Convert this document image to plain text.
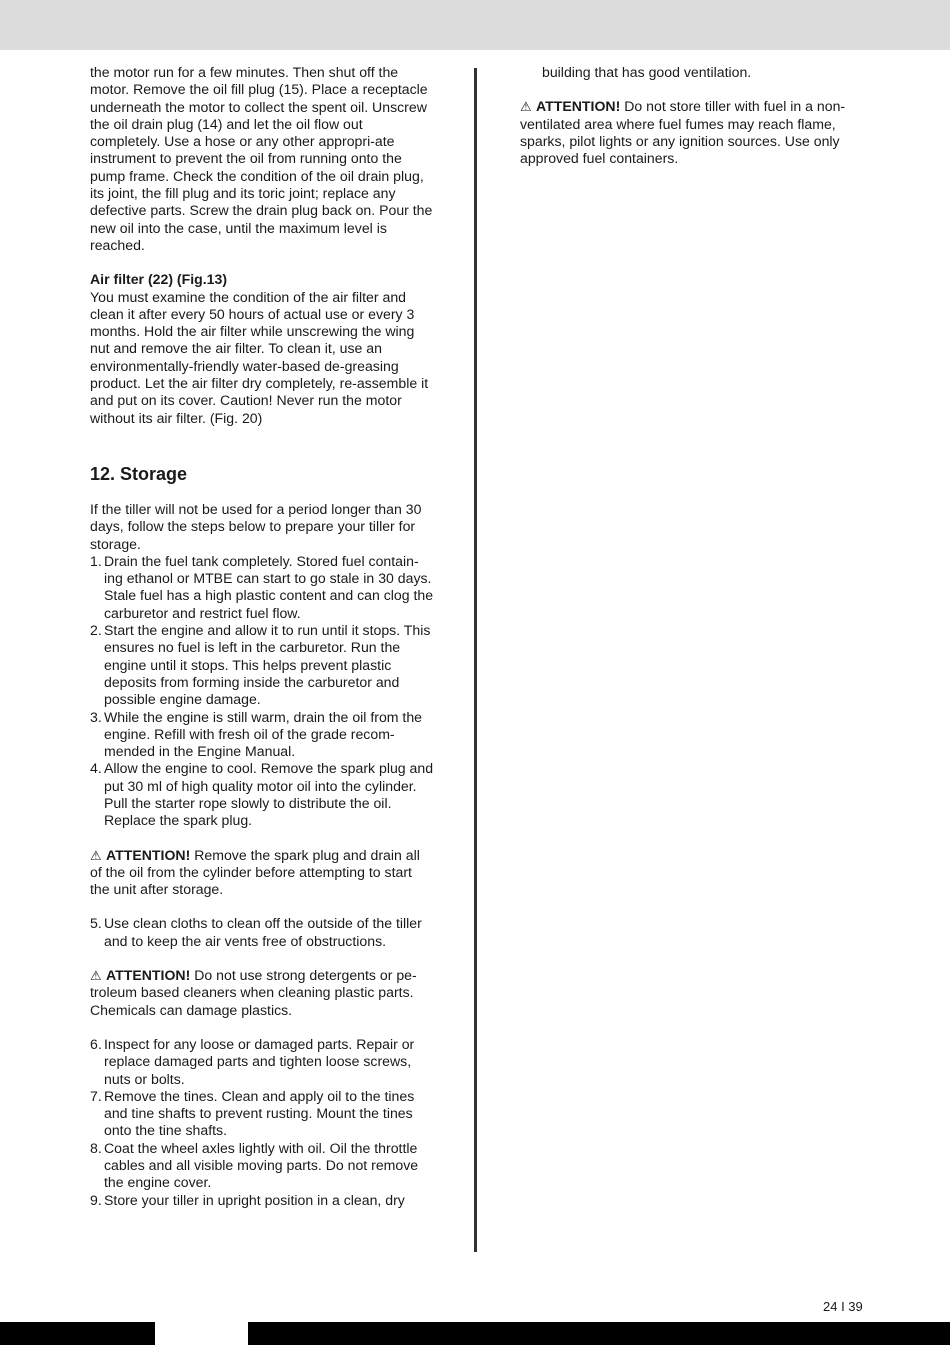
the motor run for a few minutes. Then shut off the motor. Remove the oil fill plug (15). Place a receptacle underneath the motor to collect the spent oil. Unscrew the oil drain plug (14) and let the oil flow out completely. Use a hose or any other appropri-ate instrument to prevent the oil from running onto the pump frame. Check the condition of the oil drain plug, its joint, the fill plug and its toric joint; replace any defective parts. Screw the drain plug back on. Pour the new oil into the case, until the maximum level is reached.

Air filter (22) (Fig.13)

You must examine the condition of the air filter and clean it after every 50 hours of actual use or every 3 months. Hold the air filter while unscrewing the wing nut and remove the air filter. To clean it, use an environmentally-friendly water-based de-greasing product. Let the air filter dry completely, re-assemble it and put on its cover. Caution! Never run the motor without its air filter. (Fig. 20)

12. Storage

If the tiller will not be used for a period longer than 30 days, follow the steps below to prepare your tiller for storage.

1. Drain the fuel tank completely. Stored fuel contain-ing ethanol or MTBE can start to go stale in 30 days. Stale fuel has a high plastic content and can clog the carburetor and restrict fuel flow.
2. Start the engine and allow it to run until it stops. This ensures no fuel is left in the carburetor. Run the engine until it stops. This helps prevent plastic deposits from forming inside the carburetor and possible engine damage.
3. While the engine is still warm, drain the oil from the engine. Refill with fresh oil of the grade recom-mended in the Engine Manual.
4. Allow the engine to cool. Remove the spark plug and put 30 ml of high quality motor oil into the cylinder. Pull the starter rope slowly to distribute the oil. Replace the spark plug.

⚠ ATTENTION! Remove the spark plug and drain all of the oil from the cylinder before attempting to start the unit after storage.

5. Use clean cloths to clean off the outside of the tiller and to keep the air vents free of obstructions.

⚠ ATTENTION! Do not use strong detergents or pe-troleum based cleaners when cleaning plastic parts. Chemicals can damage plastics.

6. Inspect for any loose or damaged parts. Repair or replace damaged parts and tighten loose screws, nuts or bolts.
7. Remove the tines. Clean and apply oil to the tines and tine shafts to prevent rusting. Mount the tines onto the tine shafts.
8. Coat the wheel axles lightly with oil. Oil the throttle cables and all visible moving parts. Do not remove the engine cover.
9. Store your tiller in upright position in a clean, dry

building that has good ventilation.

⚠ ATTENTION! Do not store tiller with fuel in a non-ventilated area where fuel fumes may reach flame, sparks, pilot lights or any ignition sources. Use only approved fuel containers.

24 I 39
